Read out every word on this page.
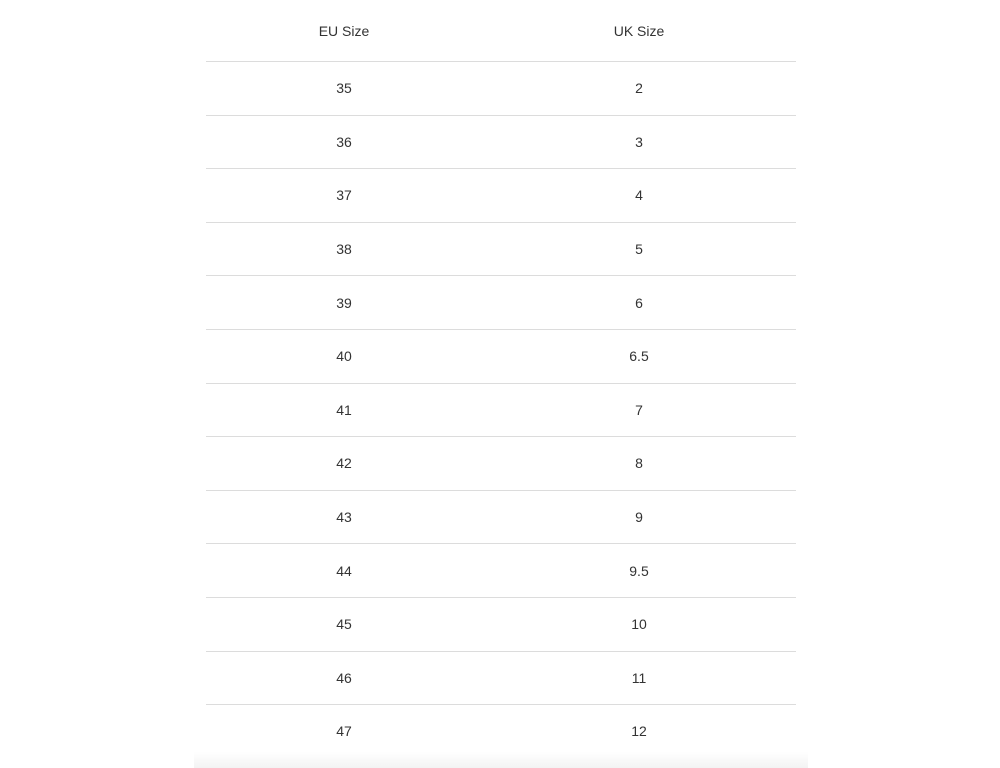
EU Size	UK Size
35	2
36	3
37	4
38	5
39	6
40	6.5
41	7
42	8
43	9
44	9.5
45	10
46	11
47	12
